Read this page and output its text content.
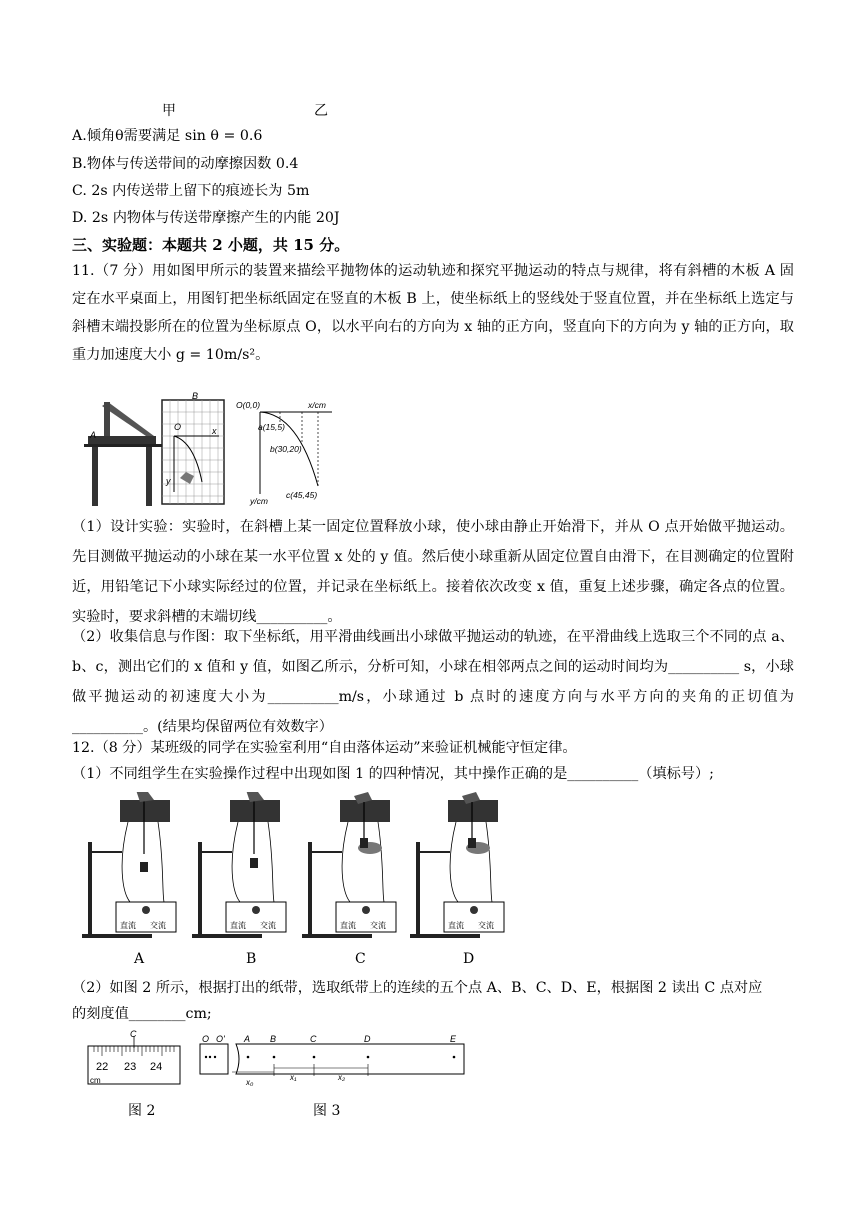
甲	乙
A.倾角θ需要满足 sin θ = 0.6
B.物体与传送带间的动摩擦因数 0.4
C. 2s 内传送带上留下的痕迹长为 5m
D. 2s 内物体与传送带摩擦产生的内能 20J
三、实验题：本题共 2 小题，共 15 分。
11.（7 分）用如图甲所示的装置来描绘平抛物体的运动轨迹和探究平抛运动的特点与规律，将有斜槽的木板 A 固定在水平桌面上，用图钉把坐标纸固定在竖直的木板 B 上，使坐标纸上的竖线处于竖直位置，并在坐标纸上选定与斜槽末端投影所在的位置为坐标原点 O，以水平向右的方向为 x 轴的正方向，竖直向下的方向为 y 轴的正方向，取重力加速度大小 g = 10m/s²。
A
B
O	x
y
O(0,0)	x/cm
y/cm
a(15,5)
b(30,20)
c(45,45)
（1）设计实验：实验时，在斜槽上某一固定位置释放小球，使小球由静止开始滑下，并从 O 点开始做平抛运动。先目测做平抛运动的小球在某一水平位置 x 处的 y 值。然后使小球重新从固定位置自由滑下，在目测确定的位置附近，用铅笔记下小球实际经过的位置，并记录在坐标纸上。接着依次改变 x 值，重复上述步骤，确定各点的位置。实验时，要求斜槽的末端切线__________。
（2）收集信息与作图：取下坐标纸，用平滑曲线画出小球做平抛运动的轨迹，在平滑曲线上选取三个不同的点 a、b、c，测出它们的 x 值和 y 值，如图乙所示，分析可知，小球在相邻两点之间的运动时间均为__________ s，小球做平抛运动的初速度大小为__________m/s，小球通过 b 点时的速度方向与水平方向的夹角的正切值为__________。(结果均保留两位有效数字）
12.（8 分）某班级的同学在实验室利用“自由落体运动”来验证机械能守恒定律。
（1）不同组学生在实验操作过程中出现如图 1 的四种情况，其中操作正确的是__________（填标号）;
直流 交流	直流 交流	直流 交流	直流 交流
A	B	C	D
（2）如图 2 所示，根据打出的纸带，选取纸带上的连续的五个点 A、B、C、D、E，根据图 2 读出 C 点对应
的刻度值________cm;
C
22 23 24
cm
O O' A B	C	D	E
x₀
x₁	x₂
图 2	图 3
